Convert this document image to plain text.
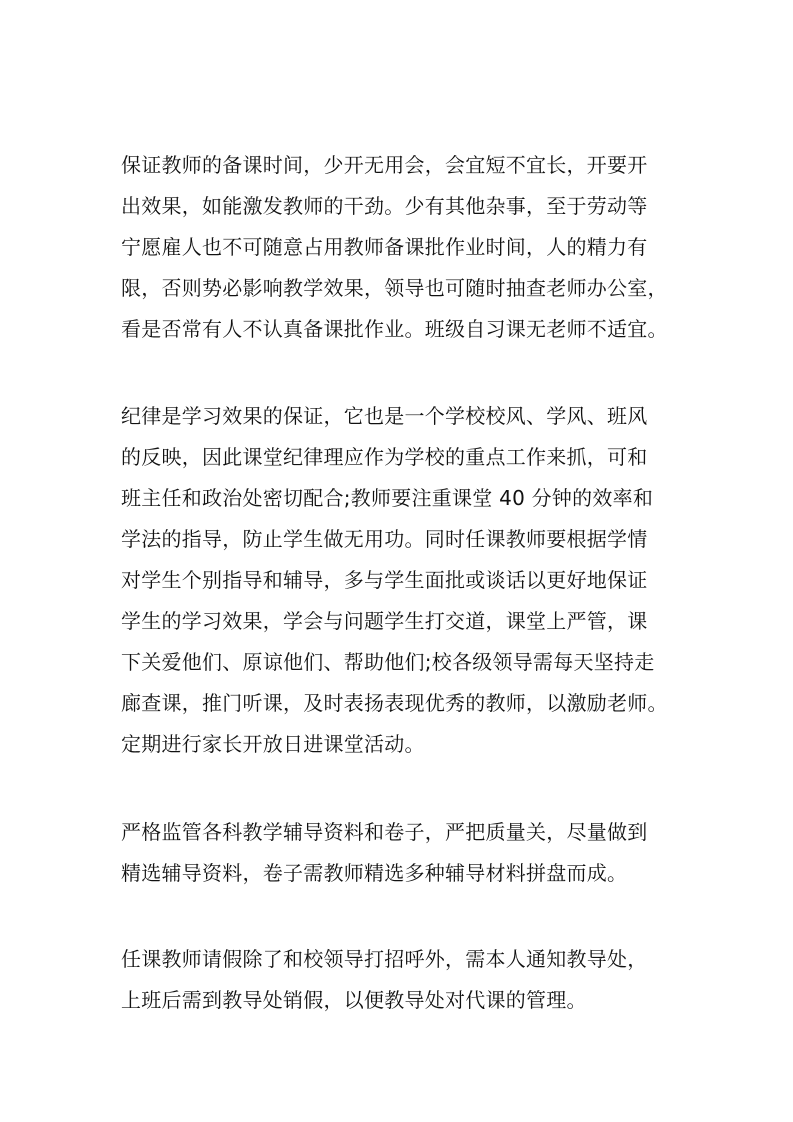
保证教师的备课时间，少开无用会，会宜短不宜长，开要开

出效果，如能激发教师的干劲。少有其他杂事，至于劳动等

宁愿雇人也不可随意占用教师备课批作业时间，人的精力有

限，否则势必影响教学效果，领导也可随时抽查老师办公室，

看是否常有人不认真备课批作业。班级自习课无老师不适宜。

纪律是学习效果的保证，它也是一个学校校风、学风、班风

的反映，因此课堂纪律理应作为学校的重点工作来抓，可和

班主任和政治处密切配合;教师要注重课堂 40 分钟的效率和

学法的指导，防止学生做无用功。同时任课教师要根据学情

对学生个别指导和辅导，多与学生面批或谈话以更好地保证

学生的学习效果，学会与问题学生打交道，课堂上严管，课

下关爱他们、原谅他们、帮助他们;校各级领导需每天坚持走

廊查课，推门听课，及时表扬表现优秀的教师，以激励老师。

定期进行家长开放日进课堂活动。

严格监管各科教学辅导资料和卷子，严把质量关，尽量做到

精选辅导资料，卷子需教师精选多种辅导材料拼盘而成。

任课教师请假除了和校领导打招呼外，需本人通知教导处，

上班后需到教导处销假，以便教导处对代课的管理。
